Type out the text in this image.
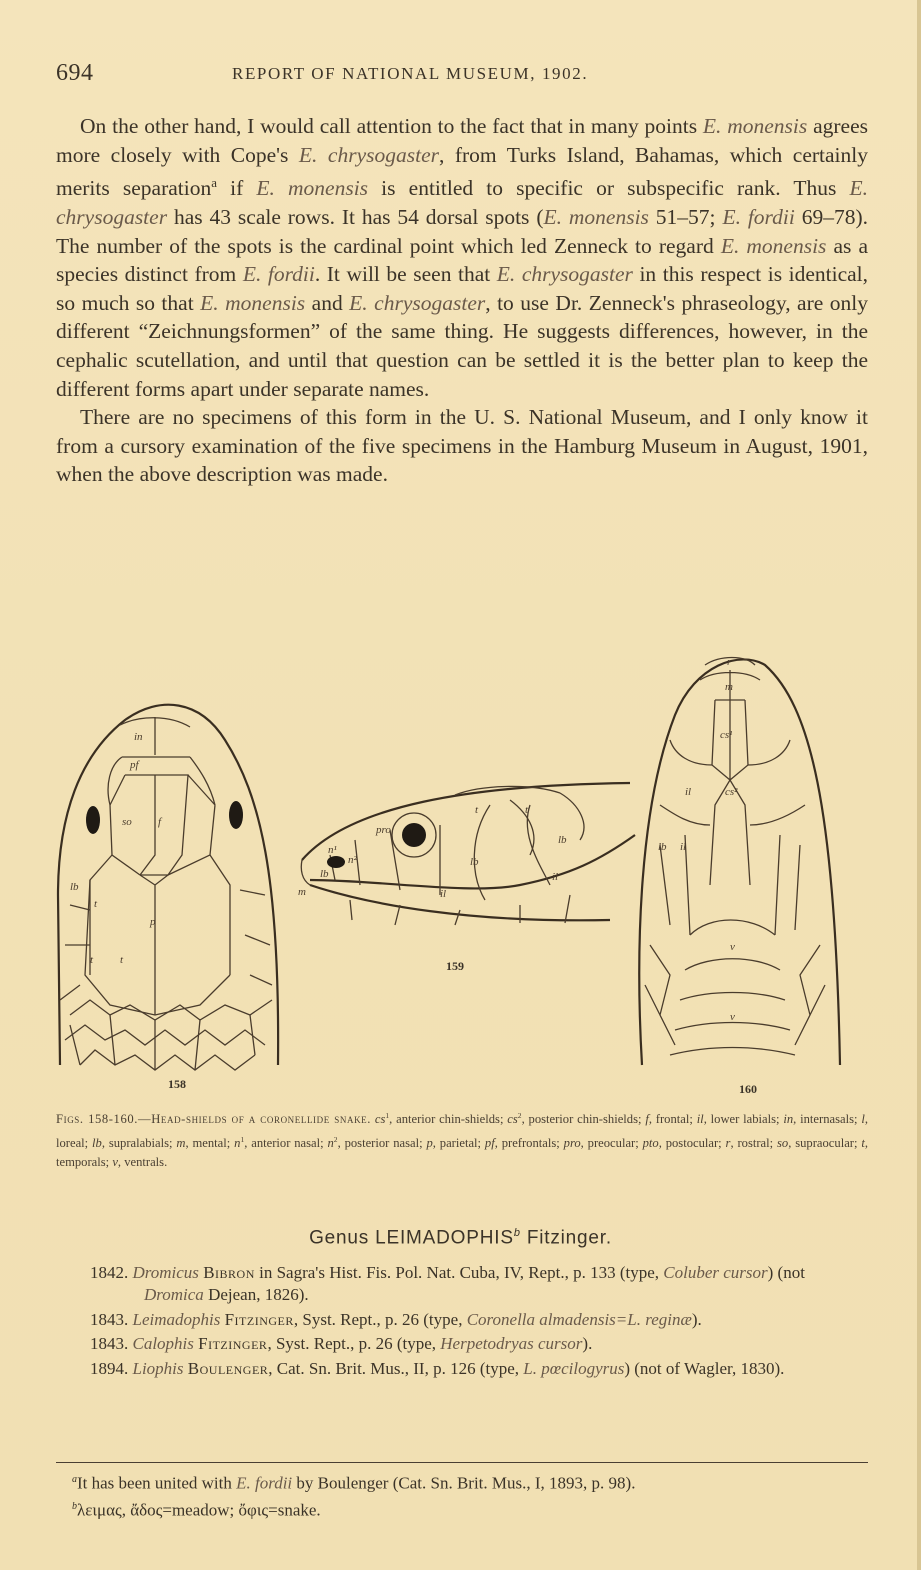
694	REPORT OF NATIONAL MUSEUM, 1902.

On the other hand, I would call attention to the fact that in many points E. monensis agrees more closely with Cope's E. chrysogaster, from Turks Island, Bahamas, which certainly merits separation$^a$ if E. monensis is entitled to specific or subspecific rank. Thus E. chrysogaster has 43 scale rows. It has 54 dorsal spots (E. monensis 51–57; E. fordii 69–78). The number of the spots is the cardinal point which led Zenneck to regard E. monensis as a species distinct from E. fordii. It will be seen that E. chrysogaster in this respect is identical, so much so that E. monensis and E. chrysogaster, to use Dr. Zenneck's phraseology, are only different “Zeichnungsformen” of the same thing. He suggests differences, however, in the cephalic scutellation, and until that question can be settled it is the better plan to keep the different forms apart under separate names.

There are no specimens of this form in the U. S. National Museum, and I only know it from a cursory examination of the five specimens in the Hamburg Museum in August, 1901, when the above description was made.

in
pf
so f
p
lb
t
t t
158
pro
n²
n¹
lb
t	t
lb
lb
il
il
m
159
r
m
cs¹
cs²
il
il
lb
v
v
160
Figs. 158-160.—Head-shields of a coronellide snake. $cs^1$, anterior chin-shields; $cs^2$, posterior chin-shields; f, frontal; il, lower labials; in, internasals; l, loreal; lb, supralabials; m, mental; $n^1$, anterior nasal; $n^2$, posterior nasal; p, parietal; pf, prefrontals; pro, preocular; pto, postocular; r, rostral; so, supraocular; t, temporals; v, ventrals.
Genus LEIMADOPHIS$^b$ Fitzinger.

1842. Dromicus Bibron in Sagra's Hist. Fis. Pol. Nat. Cuba, IV, Rept., p. 133 (type, Coluber cursor) (not Dromica Dejean, 1826).

1843. Leimadophis Fitzinger, Syst. Rept., p. 26 (type, Coronella almadensis=L. reginæ).

1843. Calophis Fitzinger, Syst. Rept., p. 26 (type, Herpetodryas cursor).

1894. Liophis Boulenger, Cat. Sn. Brit. Mus., II, p. 126 (type, L. pœcilogyrus) (not of Wagler, 1830).

$^a$It has been united with E. fordii by Boulenger (Cat. Sn. Brit. Mus., I, 1893, p. 98).

$^b$λειμας, ἄδος=meadow; ὄφις=snake.
